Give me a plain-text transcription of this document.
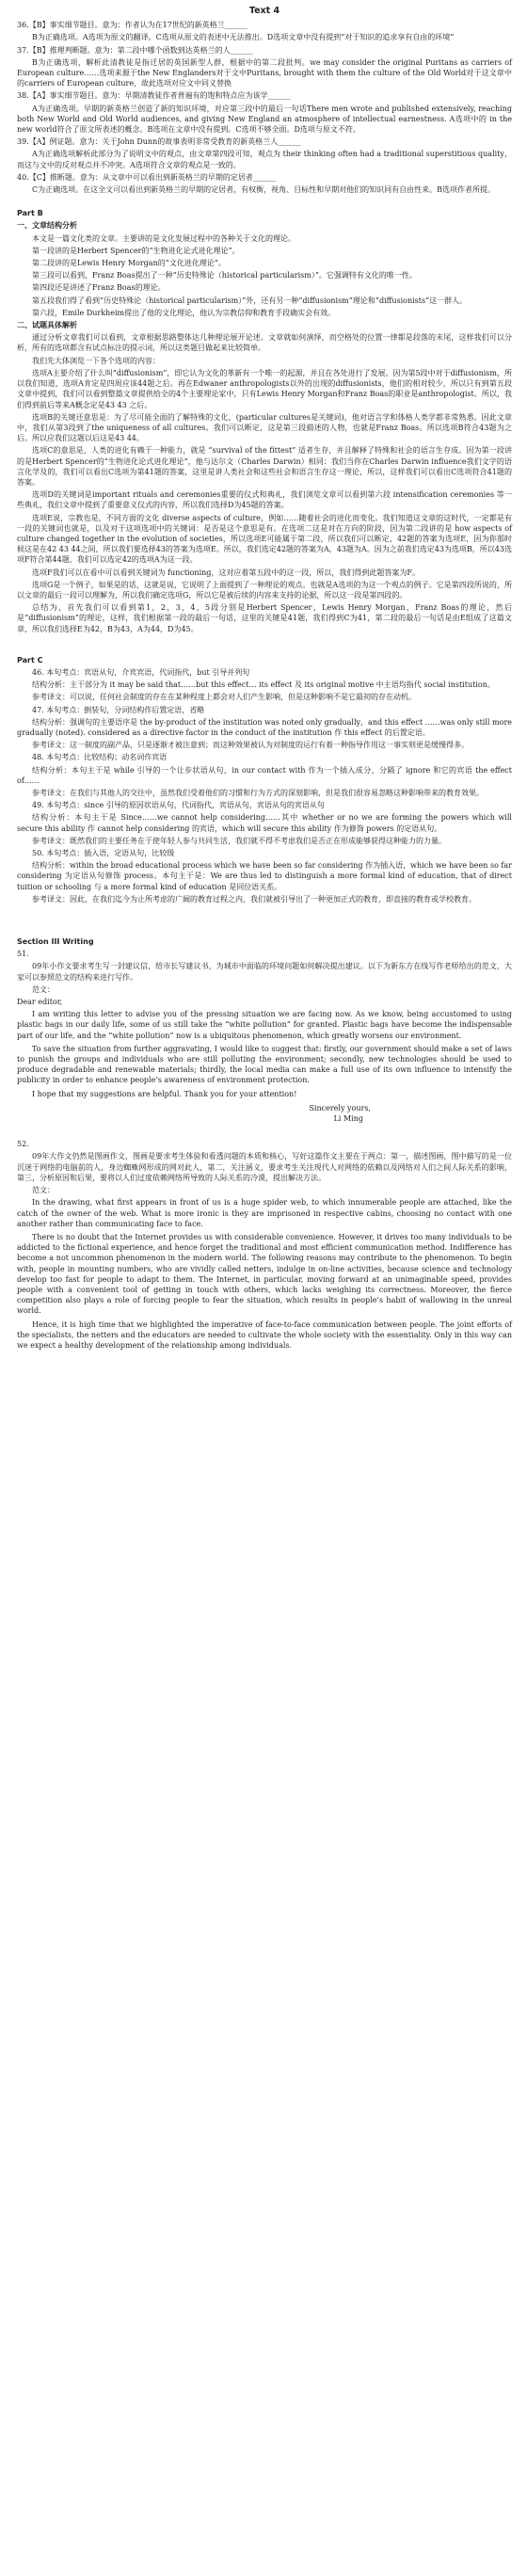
Text 4

36.【B】事实细节题目。意为：作者认为在17世纪的新英格兰______

B为正确选项。A选项为原文的翻译。C选项从原文的表述中无法推出。D选项文章中没有提到“对于知识的追求享有自由的环境”

37.【B】推理判断题。意为：第二段中哪个函数到达英格兰的人______

B为正确选项，解析此清教徒是指迁居的英国新型人群，根据中的第二段批判。we may consider the original Puritans as carriers of European culture……选项来源于the New Englanders对于文中Puritans, brought with them the culture of the Old World对于这文章中的carriers of European culture，故此选项对应文中同义替换

38.【A】事实细节题目。意为：早期清教徒作者普遍有的饱和特点应为该学______

A为正确选项。早期的新英格兰创造了新的知识环境，对应第三段中的最后一句话There men wrote and published extensively, reaching both New World and Old World audiences, and giving New England an atmosphere of intellectual earnestness. A选项中的 in the new world符合了原文所表述的概念。B选项在文章中没有提到。C选项不够全面。D选项与原文不符。

39.【A】例证题。意为：关于John Dunn的故事表明非常受教育的新英格兰人______

A为正确选项解析此部分为了说明文中的观点，由文章第四段可知，观点为 their thinking often had a traditional superstitious quality，而这与文中的反对观点并不冲突。A选项符合文章的观点是一致的。

40.【C】推断题。意为：从文章中可以看出到新英格兰的早期的定居者______

C为正确选项。在这全文可以看出到新英格兰的早期的定居者，有权衡，视角、目标性和早期对他们的知识同有自由性来。B选项作者所提。

Part B
一、文章结构分析

本文是一篇文化类的文章。主要讲的是文化发展过程中的各种关于文化的理论。

第一段讲的是Herbert Spencer的“生物进化论式进化理论”。

第二段讲的是Lewis Henry Morgan的“文化进化理论”。

第三段可以看到，Franz Boas提出了一种“历史特殊论（historical particularism）”。它强调特有文化的唯一性。

第四段还是讲述了Franz Boas的理论。

第五段我们得了看到“历史特殊论（historical particularism）”外，还有另一种“diffusionism”理论和“diffusionists”这一群人。

第六段，Emile Durkheim提出了他的文化理论，他认为宗教信仰和教育手段确实会有效。

二、试题具体解析

通过分析文章我们可以看到，文章根据思路整体达几种理论展开论述。文章就如何演绎，而空格处的位置一律都是段落的末尾，这样我们可以分析，所有的选项都含有试点标注的提示词，所以这类题目做起来比较简单。

我们先大体浏览一下各个选项的内容：

选项A主要介绍了什么叫“diffusionism”，即它认为文化的革新有一个唯一的起源，并且在各处进行了发展。因为第5段中对于diffusionism，所以我们知道，选项A肯定是四周应该44题之后。再在Edwaner anthropologists以外的出现的diffusionists，他们的相对较少，所以只有到第五段文章中提到，我们可以看到整篇文章提供给全的4个主要理论家中，只有Lewis Henry Morgan和Franz Boas的职业是anthropologist。所以，我们得到前后等来A概念定是43 43 之后。

选项B的关键还意思是：为了尽可能全面的了解特殊的文化，(particular cultures是关键词)，他对语言学和体格人类学都非常熟悉。因此文章中，我们从第3段到了the uniqueness of all cultures。我们可以断定，这是第三段描述的人物，也就是Franz Boas。所以选项B符合43题为之后。所以应我们这题以后这是43 44。

选项C的意思是，人类的进化有赖于一种能力，就是 “survival of the fittest” 适者生存，并且解释了特殊和社会的语言生存成。因为第一段讲的是Herbert Spencer的“生物进化论式进化理论”，他与达尔文（Charles Darwin）相同：我们当你在Charles Darwin influence我们文字的语言化学及的，我们可以看出C选项为第41题的答案，这里是讲人类社会和这些社会和语言生存这一理论，所以，这样我们可以看出C选项符合41题的答案。

选项D的关键词是important rituals and ceremonies重要的仪式和典礼，我们浏览文章可以看到第六段 intensification ceremonies 等一些典礼，我们文章中提到了重要意义仪式的内容，所以我们选择D为45题的答案。

选项E说，宗教也是，不同方面的文化 diverse aspects of culture，例如……随着社会的进化而变化。我们知道这文章的这时代，一定都是有一段的关键词也就是，以及对于这项选项中的关键词：是否是这个意思是有。在选项二这是对在方向的阶段，因为第二段讲的是 how aspects of culture changed together in the evolution of societies，所以选项E可能属于第二段，所以我们可以断定，42题的答案为选项E，因为你那时候这是在42 43 44之间，所以我们要选择43的答案为选项E。所以，我们选定42题的答案为A，43题为A。因为之前我们选定43为选项B，所以43选项F符合第44题，我们可以选定42的选项A为这一段。

选项F我们可以在看中可以看到关键词为 functioning，这对应着第五段中的这一段，所以，我们得到此题答案为F。

选项G是一个例子，如果是的话，这就是说，它说明了上面提到了一种理论的观点。也就是A选项的为这一个观点的例子。它是第四段所说的，所以文章的最后一段可以理解为，所以我们确定选项G，所以它是被后续的内容来支持的论据，所以这一段是第四段的。

总结为，首先我们可以看到第1，2，3，4，5段分别是Herbert Spencer，Lewis Henry Morgan，Franz Boas的理论，然后是“diffusionism”的理论，这样，我们根据第一段的最后一句话，这里的关键是41题，我们得到C为41，第二段的最后一句话是由E组成了这篇文章，所以我们选择E为42，B为43，A为44，D为45。

Part C

46. 本句考点：宾语从句，介宾宾语，代词指代，but 引导并列句

结构分析：主干部分为 it may be said that……but this effect… its effect 及 its original motive 中主语均指代 social institution。

参考译文：可以说，任何社会制度的存在在某种程度上都会对人们产生影响，但是这种影响不是它最初的存在动机。

47. 本句考点：倒装句，分词结构作后置定语，省略

结构分析：强调句的主要语序是 the by-product of the institution was noted only gradually，and this effect ……was only still more gradually (noted). considered as a directive factor in the conduct of the institution 作 this effect 的后置定语。

参考译文：这一制度的副产品，只是逐渐才被注意到；而这种效果被认为对制度的运行有着一种指导作用这一事实则更是缓慢得多。

48. 本句考点：比较结构；动名词作宾语

结构分析：本句主干是 while 引导的一个让步状语从句，in our contact with 作为一个插入成分，分隔了 ignore 和它的宾语 the effect of……

参考译文：在我们与其他人的交往中，虽然我们受着他们的习惯和行为方式的深刻影响，但是我们很容易忽略这种影响带来的教育效果。

49. 本句考点：since 引导的原因状语从句，代词指代，宾语从句，宾语从句的宾语从句

结构分析：本句主干是 Since……we cannot help considering……其中 whether or no we are forming the powers which will secure this ability 作 cannot help considering 的宾语，which will secure this ability 作为修饰 powers 的定语从句。

参考译文：既然我们的主要任务在于使年轻人参与共同生活，我们就不得不考虑我们是否正在形成能够获得这种能力的力量。

50. 本句考点：插入语，定语从句，比较级

结构分析：within the broad educational process which we have been so far considering 作为插入语，which we have been so far considering 为定语从句修饰 process。本句主干是：We are thus led to distinguish a more formal kind of education, that of direct tuition or schooling 与 a more formal kind of education 是同位语关系。

参考译文：因此，在我们迄今为止所考虑的广阔的教育过程之内，我们就被引导出了一种更加正式的教育，即直接的教育或学校教育。

Section III Writing
51.

09年小作文要求考生写一封建议信，给市长写建议书，为城市中面临的环境问题如何解决提出建议。以下为新东方在线写作老师给出的范文，大家可以参照范文的结构来进行写作。

范文：

Dear editor,

I am writing this letter to advise you of the pressing situation we are facing now. As we know, being accustomed to using plastic bags in our daily life, some of us still take the “white pollution” for granted. Plastic bags have become the indispensable part of our life, and the “white pollution” now is a ubiquitous phenomenon, which greatly worsens our environment.

To save the situation from further aggravating, I would like to suggest that: firstly, our government should make a set of laws to punish the groups and individuals who are still polluting the environment; secondly, new technologies should be used to produce degradable and renewable materials; thirdly, the local media can make a full use of its own influence to intensify the publicity in order to enhance people’s awareness of environment protection.

I hope that my suggestions are helpful. Thank you for your attention!

Sincerely yours,

Li Ming

52.

09年大作文仍然是图画作文，图画是要求考生体验和看透问题的本质和核心，写好这篇作文主要在于两点：第一，描述图画，图中描写的是一位沉迷于网络的电脑前的人，身边蜘蛛网形成的网对此人，第二，关注涵义，要求考生关注现代人对网络的依赖以及网络对人们之间人际关系的影响，第三，分析原因和后果，要将以人们过度依赖网络所导致的人际关系的冷漠，提出解决方法。

范文：

In the drawing, what first appears in front of us is a huge spider web, to which innumerable people are attached, like the catch of the owner of the web. What is more ironic is they are imprisoned in respective cabins, choosing no contact with one another rather than communicating face to face.

There is no doubt that the Internet provides us with considerable convenience. However, it drives too many individuals to be addicted to the fictional experience, and hence forget the traditional and most efficient communication method. Indifference has become a not uncommon phenomenon in the modern world. The following reasons may contribute to the phenomenon. To begin with, people in mounting numbers, who are vividly called netters, indulge in on-line activities, because science and technology develop too fast for people to adapt to them. The Internet, in particular, moving forward at an unimaginable speed, provides people with a convenient tool of getting in touch with others, which lacks weighing its correctness. Moreover, the fierce competition also plays a role of forcing people to fear the situation, which results in people’s habit of wallowing in the unreal world.

Hence, it is high time that we highlighted the imperative of face-to-face communication between people. The joint efforts of the specialists, the netters and the educators are needed to cultivate the whole society with the essentiality. Only in this way can we expect a healthy development of the relationship among individuals.
